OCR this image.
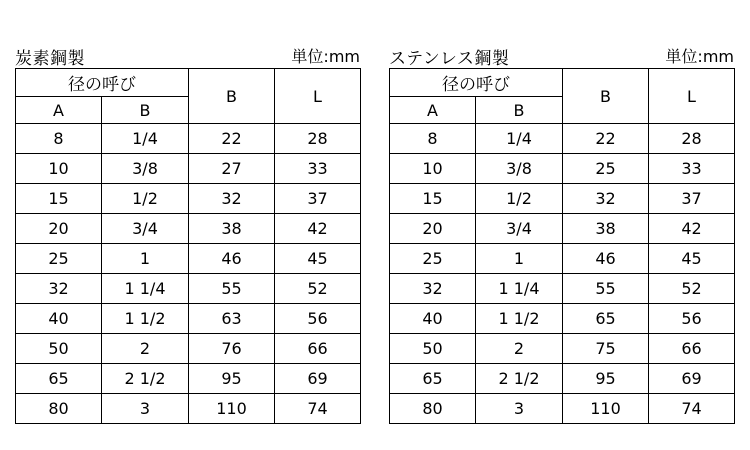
炭素鋼製	単位:mm
径の呼び		B	L
A	B		
8	1/4	22	28
10	3/8	27	33
15	1/2	32	37
20	3/4	38	42
25	1	46	45
32	1 1/4	55	52
40	1 1/2	63	56
50	2	76	66
65	2 1/2	95	69
80	3	110	74
ステンレス鋼製	単位:mm
径の呼び		B	L
A	B		
8	1/4	22	28
10	3/8	25	33
15	1/2	32	37
20	3/4	38	42
25	1	46	45
32	1 1/4	55	52
40	1 1/2	65	56
50	2	75	66
65	2 1/2	95	69
80	3	110	74
